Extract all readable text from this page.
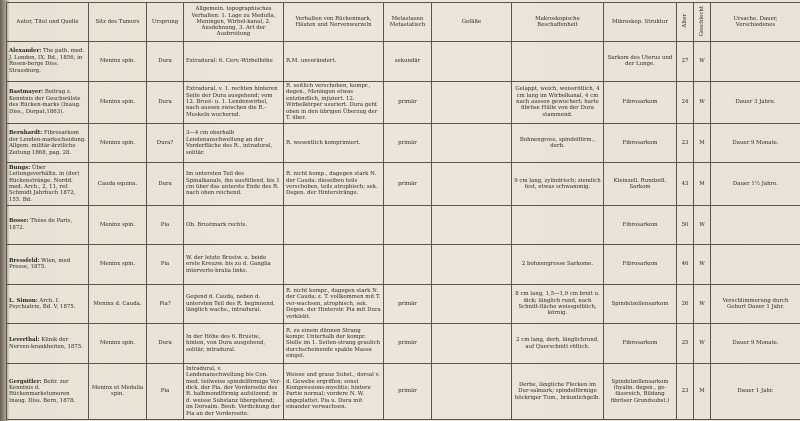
Autor, Titel und Quelle	Sitz des Tumors	Ursprung	Allgemein. topographisches Verhalten: 1. Lage zu Medulla, Meningen, Wirbel-kanal, 2. Ausdehnung, 3. Art der Ausbreitung	Verhalten von Rückenmark, Häuten und Nervenwurzeln	Metastasen Metastatisch	Gefäße	Makroskopische Beschaffenheit	Mikroskop. Struktur	Alter	Geschlecht	Ursache, Dauer, Verschiedenes
Alexander: The path. med. J. London, IX. Bd., 1856, in Rosen-berge Diss. Strassburg.	Meninx spin.	Dura	Extradural: 6. Cerv.-Wirbelhöhe	R.M. unverändert.	sekundär			Sarkom des Uterus und der Lunge.	27	W	
Bastmayer: Beitrag z. Kenntnis der Geschwülste des Rücken-marks (Inaug. Diss., Dorpat,1863).	Meninx spin.	Dura	Extradural, v. 1. rechten hinteren Seite der Dura ausgehend; vom 12. Brust- u. 1. Lendenwirbel, nach aussen zwischen die R.-Muskeln wuchernd.	R. seitlich verschoben, kompr., degen., Meningen etwas entzündlich, injiziert. 12. Wirbelkörper usuriert. Dura geht oben in den übrigen Überzug der T. über.	primär		Gelappt, weich, weissrötlich, 4 cm lang im Wirbelkanal, 4 cm nach aussen gewuchert; harte fibröse Hülle von der Dura stammend.	Fibrosarkom	24	W	Dauer 3 Jahre.
Bernhardt: Fibrosarkom der Lenden-markscheidung. Allgem. militär-ärztliche Zeitung 1868, pag. 28.	Meninx spin.	Dura?	3—4 cm oberhalb Lendenanschwellung an der Vorderfläche des R., intradural, solitär.	R. wesentlich komprimiert.	primär		Bohnengross, spindelförm., derb.	Fibrosarkom	23	M	Dauer 9 Monate.
Bungs: Über Leitungsverhältn. in (der) Rückenstränge. Nordd. med. Arch., 2, 11, ref. Schmidt Jahrbuch 1872, 155. Bd.	Cauda equina.	Dura	Im untersten Teil des Spinalkanals, ihn ausfüllend, bis 1 cm über das unterste Ende des R. nach oben reichend.	R. nicht komp., dagegen stark N. der Cauda: dieselben teils verschoben, teils atrophisch; sek. Degen. der Hinterstränge.	primär		9 cm lang, zylindrisch; ziemlich fest, etwas schwammig.	Kleinzell. Rundzell. Sarkom	43	M	Dauer 1½ Jahre.
Bosse: Thèse de Paris, 1872.	Meninx spin.	Pia	Ob. Brustmark rechts.					Fibrosarkom	50	W	
Bressfeld: Wien, med Presse, 1875.	Meninx spin.	Pia	W. der letzte Brustw. u. beide erste Kreuzw. bis zu d. Ganglia interverte-bralia links.				2 bohnengrosse Sarkome.	Fibrosarkom	46	W	
L. Simon: Arch. f. Psychiatrie, Bd. V, 1875.	Meninx d. Cauda.	Pia?	Gegend d. Cauda, neben d. untersten Teil des R. beginnend, länglich wachs., intradural.	R. nicht kompr., dagegen stark N. der Cauda; z. T. vollkommen mit T. ver-wachsen, atrophisch, sek. Degen. der Hinterstr. Pia mit Dura verklebt.	primär		8 cm lang, 1,5—1,9 cm breit u. dick; länglich rund, nach Schnitt-fläche weissgelblich, körnig.	Spindelzellensarkom	26	W	Verschlimmerung durch Geburt Dauer 1 Jahr.
Leverthal: Klinik der Nerven-krankheiten, 1875.	Meninx spin.	Dura	In der Höhe des 6. Brustw., hinten, von Dura ausgehend, solitär, intradural.	R. zu einem dünnen Strang kompr. Unterhalb der kompr. Stelle im 1. Seiten-strang graulich durchscheinende spakte Masse eingel.	primär		2 cm lang, derb, länglichrund, auf Querschnitt rötlich.	Fibrosarkom	25	W	Dauer 9 Monate.
Gergsitler: Beitr. zur Kenntnis d. Rückenmarkstumoren Inaug. Diss. Bern, 1878.	Meninx et Medulla spin.	Pia	Intradural, v. Lendenanschwellung bis Con. med. teilweise spindelförmige Ver-dick. der Pia, der Vorderseite des R. halbmondförmig aufsitzend; in d. weisse Substanz übergehend; im Dorsalm. Beob. Verdickung der Pia an der Vorderseite.	Weisse und graue Subst., dorsal v. d. Gewebe ergriffen; sonst Kompressions-myelitis; hintere Partie normal; vordere N. W. abgeplattet. Pia u. Dura mit einander verwachsen.	primär		Derbe, längliche Flecken im Dur-salmark; spindelförmige höckriger Tum., bräunlichgelb.	Spindelzellensarkom (hyalin. degen., ge-fässreich, Bildung fibröser Grundsubst.)	23	M	Dauer 1 Jahr.
